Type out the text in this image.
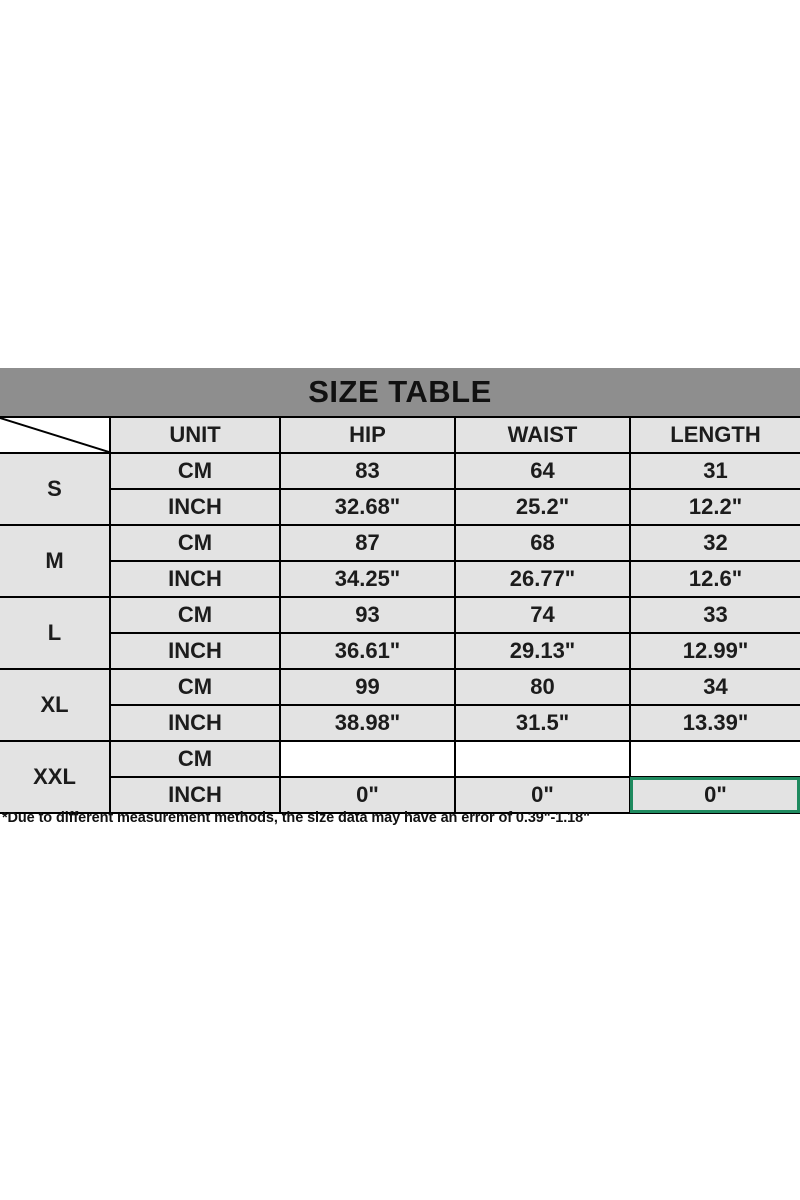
SIZE TABLE				

	UNIT	HIP	WAIST	LENGTH
S	CM	83	64	31
	INCH	32.68"	25.2"	12.2"
M	CM	87	68	32
	INCH	34.25"	26.77"	12.6"
L	CM	93	74	33
	INCH	36.61"	29.13"	12.99"
XL	CM	99	80	34
	INCH	38.98"	31.5"	13.39"
XXL	CM			
	INCH	0"	0"	0"
*Due to different measurement methods, the size data may have an error of 0.39"-1.18"
